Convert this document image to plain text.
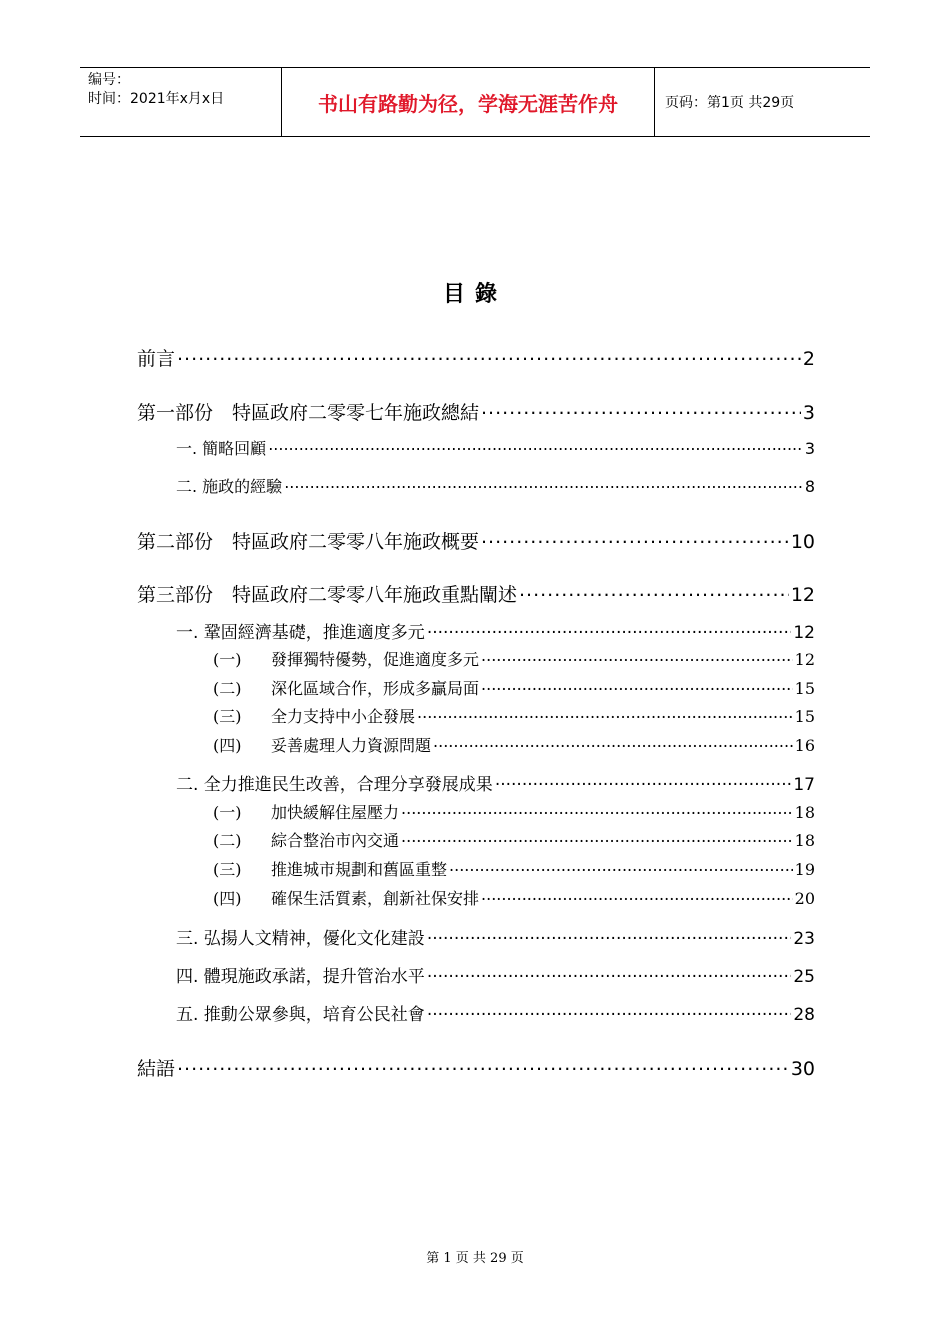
编号：
时间：2021年x月x日	书山有路勤为径，学海无涯苦作舟	页码：第1页 共29页
目錄
前言 .....	2
第一部份　特區政府二零零七年施政總結 .....	3
一. 簡略回顧 .....	3
二. 施政的經驗 .....	8
第二部份　特區政府二零零八年施政概要 .....	10
第三部份　特區政府二零零八年施政重點闡述 .....	12
一. 鞏固經濟基礎，推進適度多元 .....	12
(一) 發揮獨特優勢，促進適度多元 .....	12
(二) 深化區域合作，形成多贏局面 .....	15
(三) 全力支持中小企發展 .....	15
(四) 妥善處理人力資源問題 .....	16
二. 全力推進民生改善，合理分享發展成果 .....	17
(一) 加快緩解住屋壓力 .....	18
(二) 綜合整治市內交通 .....	18
(三) 推進城市規劃和舊區重整 .....	19
(四) 確保生活質素，創新社保安排 .....	20
三. 弘揚人文精神，優化文化建設 .....	23
四. 體現施政承諾，提升管治水平 .....	25
五. 推動公眾參與，培育公民社會 .....	28
結語 .....	30
第 1 页 共 29 页
